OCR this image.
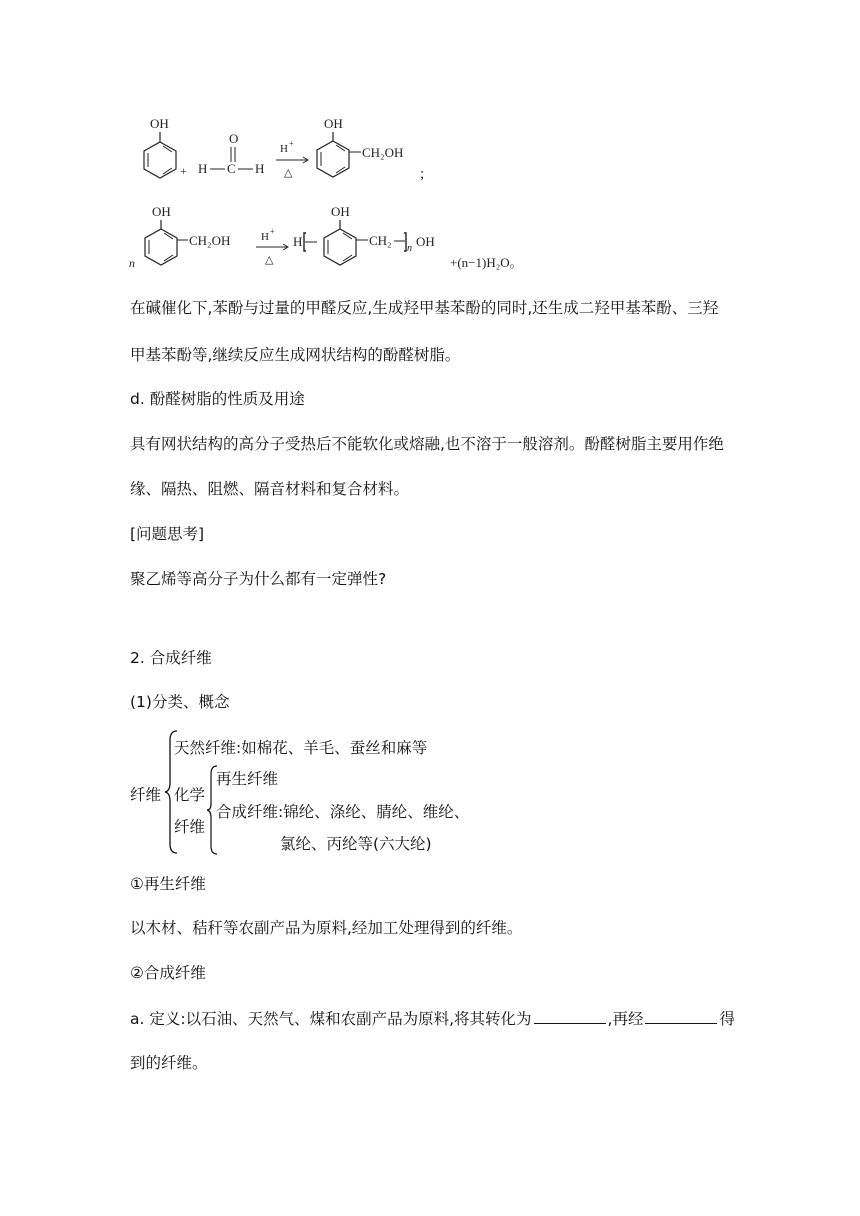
OH
+
O
H C H
H +
△
OH
CH₂OH
;
n
OH
CH₂OH	H +
△
H
OH
CH₂
n OH
+(n−1)H₂O。
在碱催化下,苯酚与过量的甲醛反应,生成羟甲基苯酚的同时,还生成二羟甲基苯酚、三羟
甲基苯酚等,继续反应生成网状结构的酚醛树脂。
d. 酚醛树脂的性质及用途
具有网状结构的高分子受热后不能软化或熔融,也不溶于一般溶剂。酚醛树脂主要用作绝
缘、隔热、阻燃、隔音材料和复合材料。
[问题思考]
聚乙烯等高分子为什么都有一定弹性?
2. 合成纤维
(1)分类、概念
纤维
天然纤维:如棉花、羊毛、蚕丝和麻等
化学
纤维
再生纤维
合成纤维:锦纶、涤纶、腈纶、维纶、
氯纶、丙纶等(六大纶)
①再生纤维
以木材、秸秆等农副产品为原料,经加工处理得到的纤维。
②合成纤维
a. 定义:以石油、天然气、煤和农副产品为原料,将其转化为	,再经	得
到的纤维。
